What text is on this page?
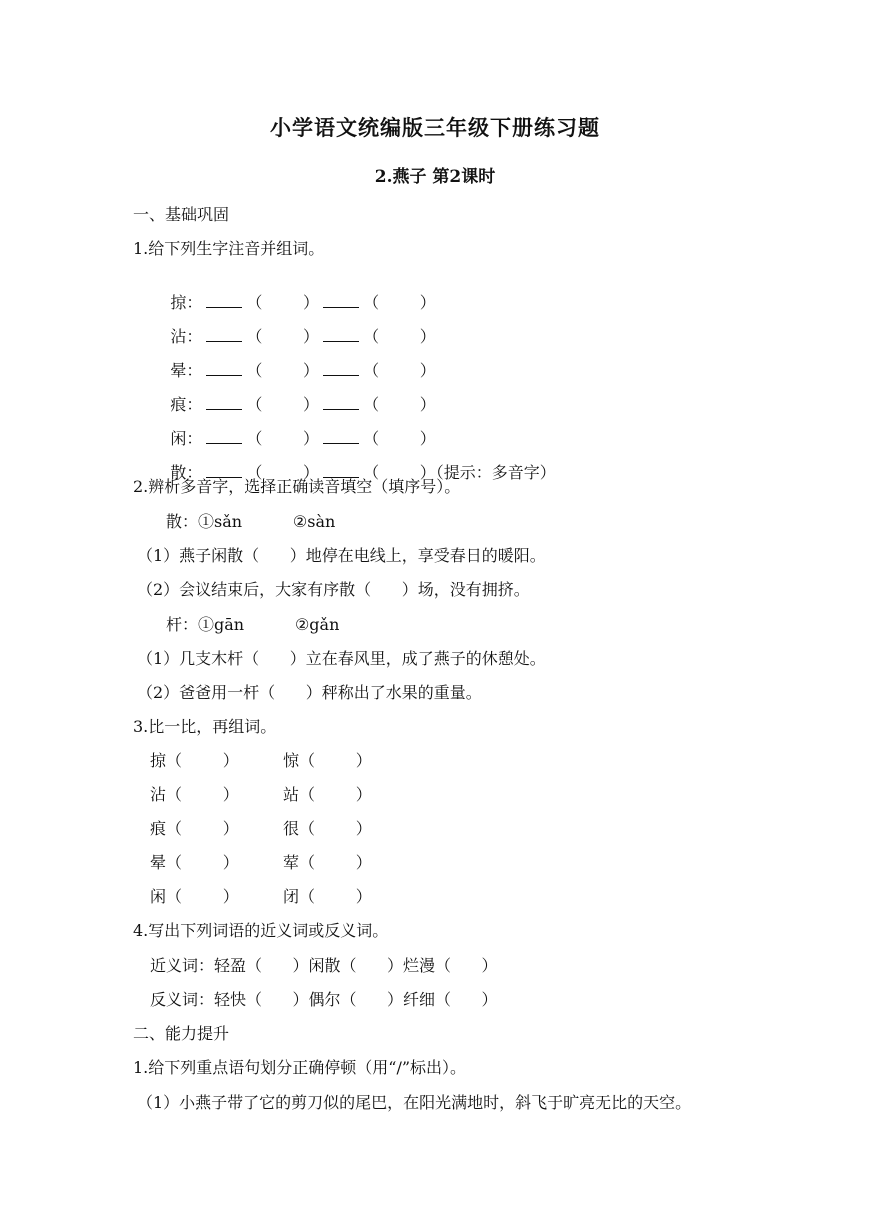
小学语文统编版三年级下册练习题
2.燕子 第2课时
一、基础巩固
1.给下列生字注音并组词。

掠：	（        ）	（        ）

沾：	（        ）	（        ）

晕：	（        ）	（        ）

痕：	（        ）	（        ）

闲：	（        ）	（        ）

散：	（        ）	（        ）（提示：多音字）

2.辨析多音字，选择正确读音填空（填序号）。
散：①sǎn          ②sàn
（1）燕子闲散（      ）地停在电线上，享受春日的暖阳。
（2）会议结束后，大家有序散（      ）场，没有拥挤。
杆：①gān          ②gǎn
（1）几支木杆（      ）立在春风里，成了燕子的休憩处。
（2）爸爸用一杆（      ）秤称出了水果的重量。
3.比一比，再组词。
掠（        ）	惊（        ）
沾（        ）	站（        ）
痕（        ）	很（        ）
晕（        ）	荤（        ）
闲（        ）	闭（        ）
4.写出下列词语的近义词或反义词。
近义词：轻盈（      ）闲散（      ）烂漫（      ）
反义词：轻快（      ）偶尔（      ）纤细（      ）
二、能力提升
1.给下列重点语句划分正确停顿（用“/”标出）。
（1）小燕子带了它的剪刀似的尾巴，在阳光满地时，斜飞于旷亮无比的天空。
